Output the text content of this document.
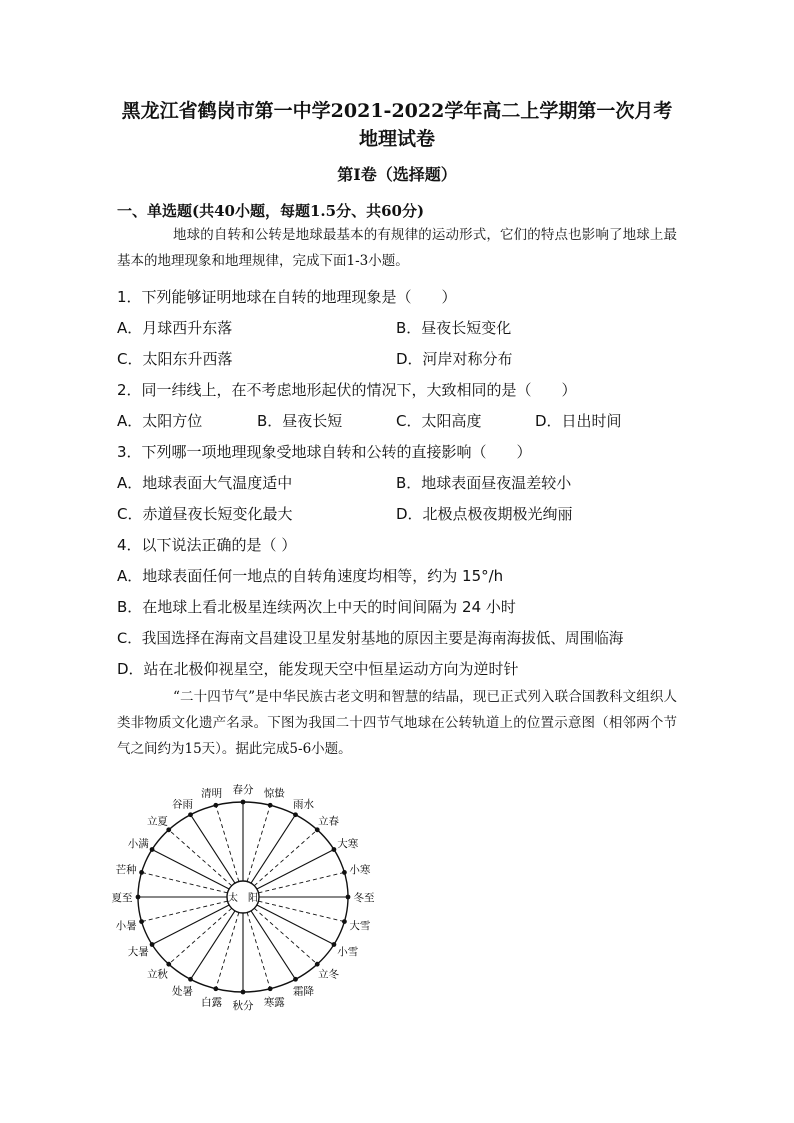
黑龙江省鹤岗市第一中学2021-2022学年高二上学期第一次月考
地理试卷
第Ⅰ卷（选择题）
一、单选题(共40小题，每题1.5分、共60分)
地球的自转和公转是地球最基本的有规律的运动形式，它们的特点也影响了地球上最基本的地理现象和地理规律，完成下面1-3小题。
1．下列能够证明地球在自转的地理现象是（　　）
A．月球西升东落	B．昼夜长短变化
C．太阳东升西落	D．河岸对称分布
2．同一纬线上，在不考虑地形起伏的情况下，大致相同的是（　　）
A．太阳方位	B．昼夜长短	C．太阳高度	D．日出时间
3．下列哪一项地理现象受地球自转和公转的直接影响（　　）
A．地球表面大气温度适中	B．地球表面昼夜温差较小
C．赤道昼夜长短变化最大	D．北极点极夜期极光绚丽
4．以下说法正确的是（ ）
A．地球表面任何一地点的自转角速度均相等，约为 15°/h
B．在地球上看北极星连续两次上中天的时间间隔为 24 小时
C．我国选择在海南文昌建设卫星发射基地的原因主要是海南海拔低、周围临海
D．站在北极仰视星空，能发现天空中恒星运动方向为逆时针
“二十四节气”是中华民族古老文明和智慧的结晶，现已正式列入联合国教科文组织人类非物质文化遗产名录。下图为我国二十四节气地球在公转轨道上的位置示意图（相邻两个节气之间约为15天）。据此完成5-6小题。
太　阳	冬至
小寒
大寒
立春
雨水
惊蛰
春分
清明
谷雨
立夏
小满
芒种
夏至
小暑
大暑
立秋
处暑
白露 秋分 寒露
霜降
立冬
小雪
大雪
